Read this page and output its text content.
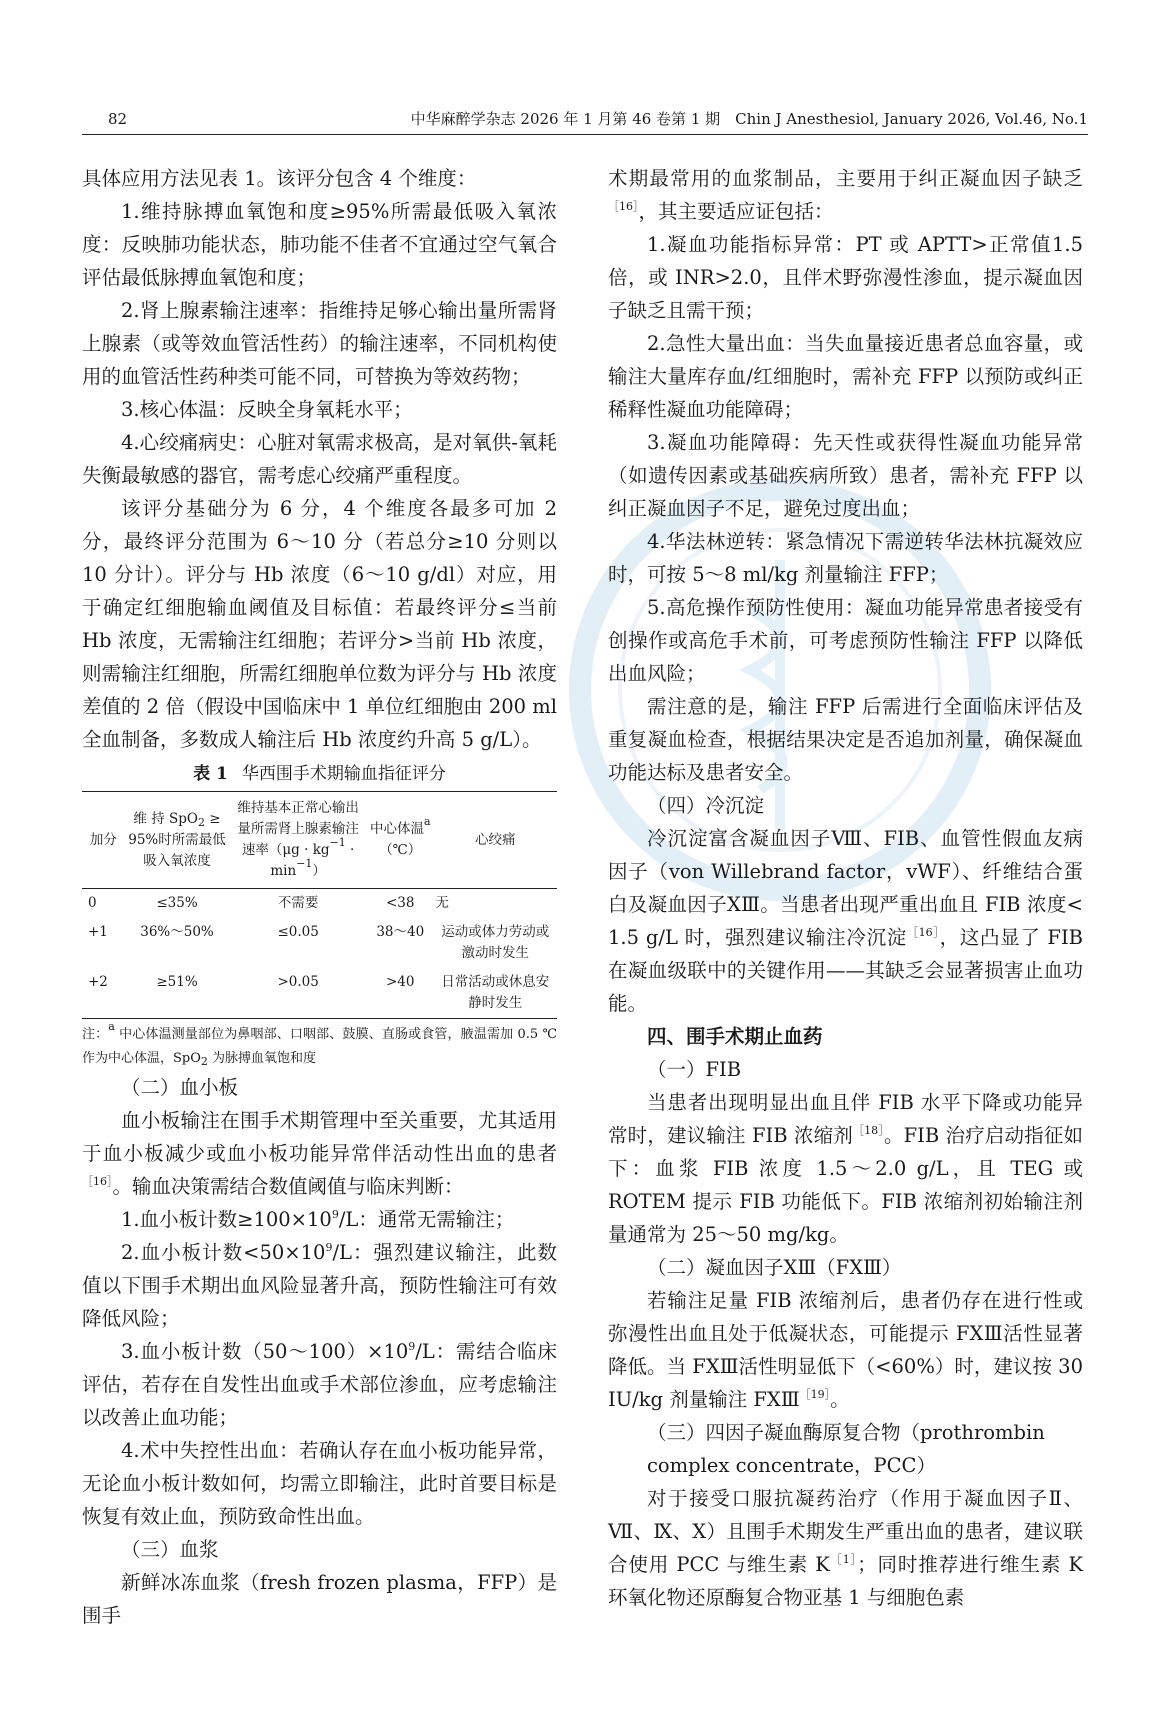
82	中华麻醉学杂志 2026 年 1 月第 46 卷第 1 期　Chin J Anesthesiol, January 2026, Vol.46, No.1

具体应用方法见表 1。该评分包含 4 个维度：

1.维持脉搏血氧饱和度≥95%所需最低吸入氧浓度：反映肺功能状态，肺功能不佳者不宜通过空气氧合评估最低脉搏血氧饱和度；

2.肾上腺素输注速率：指维持足够心输出量所需肾上腺素（或等效血管活性药）的输注速率，不同机构使用的血管活性药种类可能不同，可替换为等效药物；

3.核心体温：反映全身氧耗水平；

4.心绞痛病史：心脏对氧需求极高，是对氧供-氧耗失衡最敏感的器官，需考虑心绞痛严重程度。

该评分基础分为 6 分，4 个维度各最多可加 2 分，最终评分范围为 6～10 分（若总分≥10 分则以 10 分计）。评分与 Hb 浓度（6～10 g/dl）对应，用于确定红细胞输血阈值及目标值：若最终评分≤当前 Hb 浓度，无需输注红细胞；若评分>当前 Hb 浓度，则需输注红细胞，所需红细胞单位数为评分与 Hb 浓度差值的 2 倍（假设中国临床中 1 单位红细胞由 200 ml 全血制备，多数成人输注后 Hb 浓度约升高 5 g/L）。

表 1 华西围手术期输血指征评分
加分	维 持 SpO$_2$ ≥ 95%时所需最低吸入氧浓度	维持基本正常心输出量所需肾上腺素输注速率$(\mu g \cdot kg^{-1} \cdot \min^{-1})$	中心体温$^a$（℃）	心绞痛
0	≤35%	不需要	<38	无
+1	36%～50%	≤0.05	38～40	运动或体力劳动或激动时发生
+2	≥51%	>0.05	>40	日常活动或休息安静时发生
注：$^a$ 中心体温测量部位为鼻咽部、口咽部、鼓膜、直肠或食管，腋温需加 0.5 ℃作为中心体温，SpO$_2$ 为脉搏血氧饱和度
（二）血小板

血小板输注在围手术期管理中至关重要，尤其适用于血小板减少或血小板功能异常伴活动性出血的患者$^{[16]}$。输血决策需结合数值阈值与临床判断：

1.血小板计数$\ge 100\times 10^9/L$：通常无需输注；

2.血小板计数$<50\times 10^9/L$：强烈建议输注，此数值以下围手术期出血风险显著升高，预防性输注可有效降低风险；

3.血小板计数$(50\sim 100)\times 10^9/L$：需结合临床评估，若存在自发性出血或手术部位渗血，应考虑输注以改善止血功能；

4.术中失控性出血：若确认存在血小板功能异常，无论血小板计数如何，均需立即输注，此时首要目标是恢复有效止血，预防致命性出血。

（三）血浆

新鲜冰冻血浆（fresh frozen plasma，FFP）是围手

术期最常用的血浆制品，主要用于纠正凝血因子缺乏$^{[16]}$，其主要适应证包括：

1.凝血功能指标异常：PT 或 APTT>正常值1.5 倍，或 INR>2.0，且伴术野弥漫性渗血，提示凝血因子缺乏且需干预；

2.急性大量出血：当失血量接近患者总血容量，或输注大量库存血/红细胞时，需补充 FFP 以预防或纠正稀释性凝血功能障碍；

3.凝血功能障碍：先天性或获得性凝血功能异常（如遗传因素或基础疾病所致）患者，需补充 FFP 以纠正凝血因子不足，避免过度出血；

4.华法林逆转：紧急情况下需逆转华法林抗凝效应时，可按 5～8 ml/kg 剂量输注 FFP；

5.高危操作预防性使用：凝血功能异常患者接受有创操作或高危手术前，可考虑预防性输注 FFP 以降低出血风险；

需注意的是，输注 FFP 后需进行全面临床评估及重复凝血检查，根据结果决定是否追加剂量，确保凝血功能达标及患者安全。

（四）冷沉淀

冷沉淀富含凝血因子Ⅷ、FIB、血管性假血友病因子（von Willebrand factor，vWF）、纤维结合蛋白及凝血因子ⅩⅢ。当患者出现严重出血且 FIB 浓度< 1.5 g/L 时，强烈建议输注冷沉淀$^{[16]}$，这凸显了 FIB 在凝血级联中的关键作用——其缺乏会显著损害止血功能。

四、围手术期止血药
（一）FIB

当患者出现明显出血且伴 FIB 水平下降或功能异常时，建议输注 FIB 浓缩剂$^{[18]}$。FIB 治疗启动指征如下：血浆 FIB 浓度 1.5～2.0 g/L，且 TEG 或 ROTEM 提示 FIB 功能低下。FIB 浓缩剂初始输注剂量通常为 25～50 mg/kg。

（二）凝血因子ⅩⅢ（FⅩⅢ）

若输注足量 FIB 浓缩剂后，患者仍存在进行性或弥漫性出血且处于低凝状态，可能提示 FXⅢ活性显著降低。当 FⅩⅢ活性明显低下（<60%）时，建议按 30 IU/kg 剂量输注 FⅩⅢ$^{[19]}$。

（三）四因子凝血酶原复合物（prothrombin complex concentrate，PCC）

对于接受口服抗凝药治疗（作用于凝血因子Ⅱ、Ⅶ、Ⅸ、Ⅹ）且围手术期发生严重出血的患者，建议联合使用 PCC 与维生素 $K^{[1]}$；同时推荐进行维生素 K 环氧化物还原酶复合物亚基 1 与细胞色素
